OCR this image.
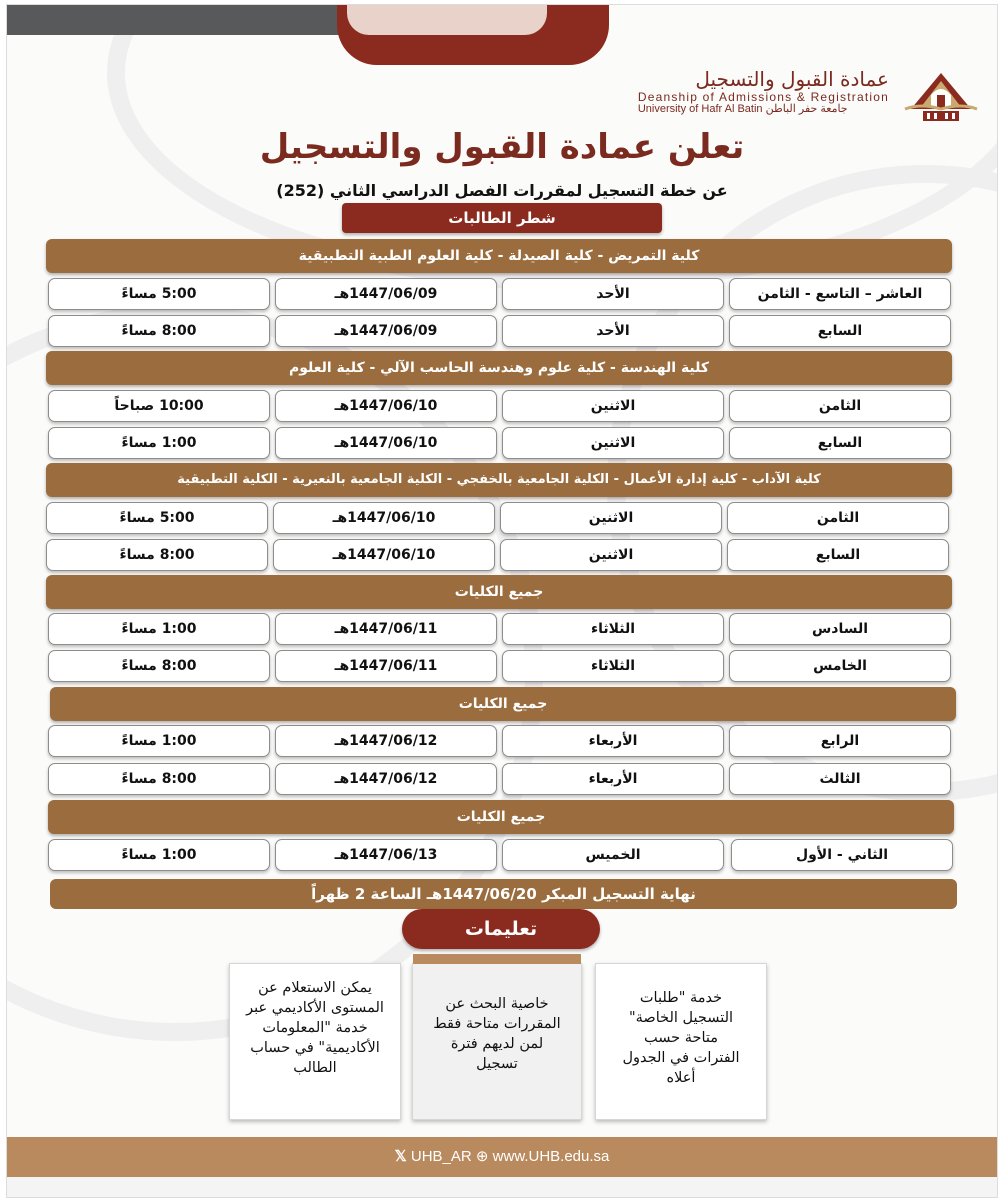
عمادة القبول والتسجيل
Deanship of Admissions & Registration
University of Hafr Al Batin جامعة حفر الباطن
تعلن عمادة القبول والتسجيل
عن خطة التسجيل لمقررات الفصل الدراسي الثاني (252)
شطر الطالبات
كلية التمريض - كلية الصيدلة - كلية العلوم الطبية التطبيقية
5:00 مساءً	1447/06/09هـ	الأحد	العاشر – التاسع - الثامن
8:00 مساءً	1447/06/09هـ	الأحد	السابع
كلية الهندسة - كلية علوم وهندسة الحاسب الآلي - كلية العلوم
10:00 صباحاً	1447/06/10هـ	الاثنين	الثامن
1:00 مساءً	1447/06/10هـ	الاثنين	السابع
كلية الآداب - كلية إدارة الأعمال - الكلية الجامعية بالخفجي - الكلية الجامعية بالنعيرية - الكلية التطبيقية
5:00 مساءً	1447/06/10هـ	الاثنين	الثامن
8:00 مساءً	1447/06/10هـ	الاثنين	السابع
جميع الكليات
1:00 مساءً	1447/06/11هـ	الثلاثاء	السادس
8:00 مساءً	1447/06/11هـ	الثلاثاء	الخامس
جميع الكليات
1:00 مساءً	1447/06/12هـ	الأربعاء	الرابع
8:00 مساءً	1447/06/12هـ	الأربعاء	الثالث
جميع الكليات
1:00 مساءً	1447/06/13هـ	الخميس	الثاني - الأول
نهاية التسجيل المبكر 1447/06/20هـ الساعة 2 ظهراً
تعليمات
يمكن الاستعلام عن المستوى الأكاديمي عبر خدمة "المعلومات الأكاديمية" في حساب الطالب
خاصية البحث عن المقررات متاحة فقط لمن لديهم فترة تسجيل
خدمة "طلبات التسجيل الخاصة" متاحة حسب الفترات في الجدول أعلاه
𝕏 UHB_AR ⊕ www.UHB.edu.sa
